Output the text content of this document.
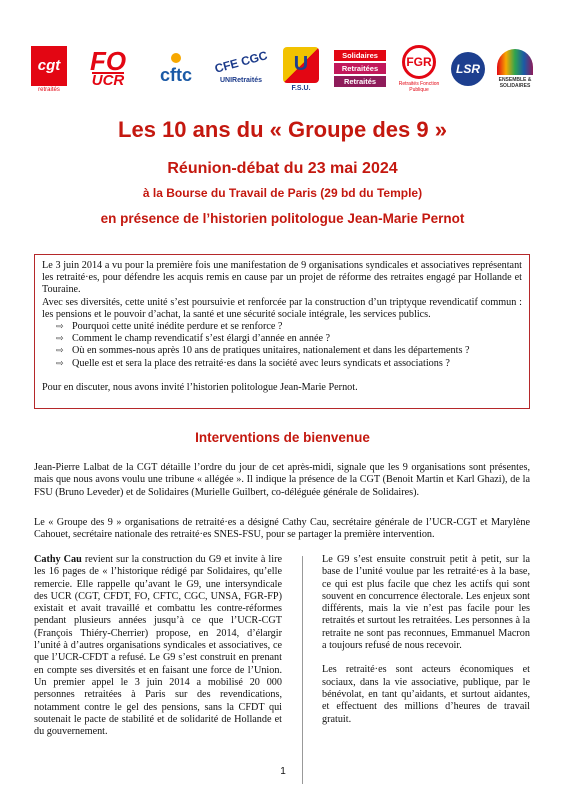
cgt
retraités
FO
UCR cftc CFE CGC
UNIRetraités
U
F.S.U.
Solidaires
Retraitées
Retraités
FGR
Retraités Fonction Publique
LSR
ENSEMBLE & SOLIDAIRES
Les 10 ans du « Groupe des 9 »
Réunion-débat du 23 mai 2024
à la Bourse du Travail de Paris (29 bd du Temple)
en présence de l’historien politologue Jean-Marie Pernot

Le 3 juin 2014 a vu pour la première fois une manifestation de 9 organisations syndicales et associatives représentant les retraité·es, pour défendre les acquis remis en cause par un projet de réforme des retraites engagé par Hollande et Touraine.

Avec ses diversités, cette unité s’est poursuivie et renforcée par la construction d’un triptyque revendicatif commun : les pensions et le pouvoir d’achat, la santé et une sécurité sociale intégrale, les services publics.

⇨ Pourquoi cette unité inédite perdure et se renforce ?
⇨ Comment le champ revendicatif s’est élargi d’année en année ?
⇨ Où en sommes-nous après 10 ans de pratiques unitaires, nationalement et dans les départements ?
⇨ Quelle est et sera la place des retraité·es dans la société avec leurs syndicats et associations ?

Pour en discuter, nous avons invité l’historien politologue Jean-Marie Pernot.

Interventions de bienvenue
Jean-Pierre Lalbat de la CGT détaille l’ordre du jour de cet après-midi, signale que les 9 organisations sont présentes, mais que nous avons voulu une tribune « allégée ». Il indique la présence de la CGT (Benoit Martin et Karl Ghazi), de la FSU (Bruno Leveder) et de Solidaires (Murielle Guilbert, co-déléguée générale de Solidaires).
Le « Groupe des 9 » organisations de retraité·es a désigné Cathy Cau, secrétaire générale de l’UCR-CGT et Marylène Cahouet, secrétaire nationale des retraité·es SNES-FSU, pour se partager la première intervention.
Cathy Cau revient sur la construction du G9 et invite à lire les 16 pages de « l’historique rédigé par Solidaires, qu’elle remercie. Elle rappelle qu’avant le G9, une intersyndicale des UCR (CGT, CFDT, FO, CFTC, CGC, UNSA, FGR-FP) existait et avait travaillé et combattu les contre-réformes pendant plusieurs années jusqu’à ce que l’UCR-CGT (François Thiéry-Cherrier) propose, en 2014, d’élargir l’unité à d’autres organisations syndicales et associatives, ce que l’UCR-CFDT a refusé. Le G9 s’est construit en prenant en compte ses diversités et en faisant une force de l’Union. Un premier appel le 3 juin 2014 a mobilisé 20 000 personnes retraitées à Paris sur des revendications, notamment contre le gel des pensions, sans la CFDT qui soutenait le pacte de stabilité et de solidarité de Hollande et du gouvernement.

Le G9 s’est ensuite construit petit à petit, sur la base de l’unité voulue par les retraité·es à la base, ce qui est plus facile que chez les actifs qui sont souvent en concurrence électorale. Les enjeux sont différents, mais la vie n’est pas facile pour les retraités et surtout les retraitées. Les personnes à la retraite ne sont pas reconnues, Emmanuel Macron a toujours refusé de nous recevoir.

Les retraité·es sont acteurs économiques et sociaux, dans la vie associative, publique, par le bénévolat, en tant qu’aidants, et surtout aidantes, et effectuent des millions d’heures de travail gratuit.

1
